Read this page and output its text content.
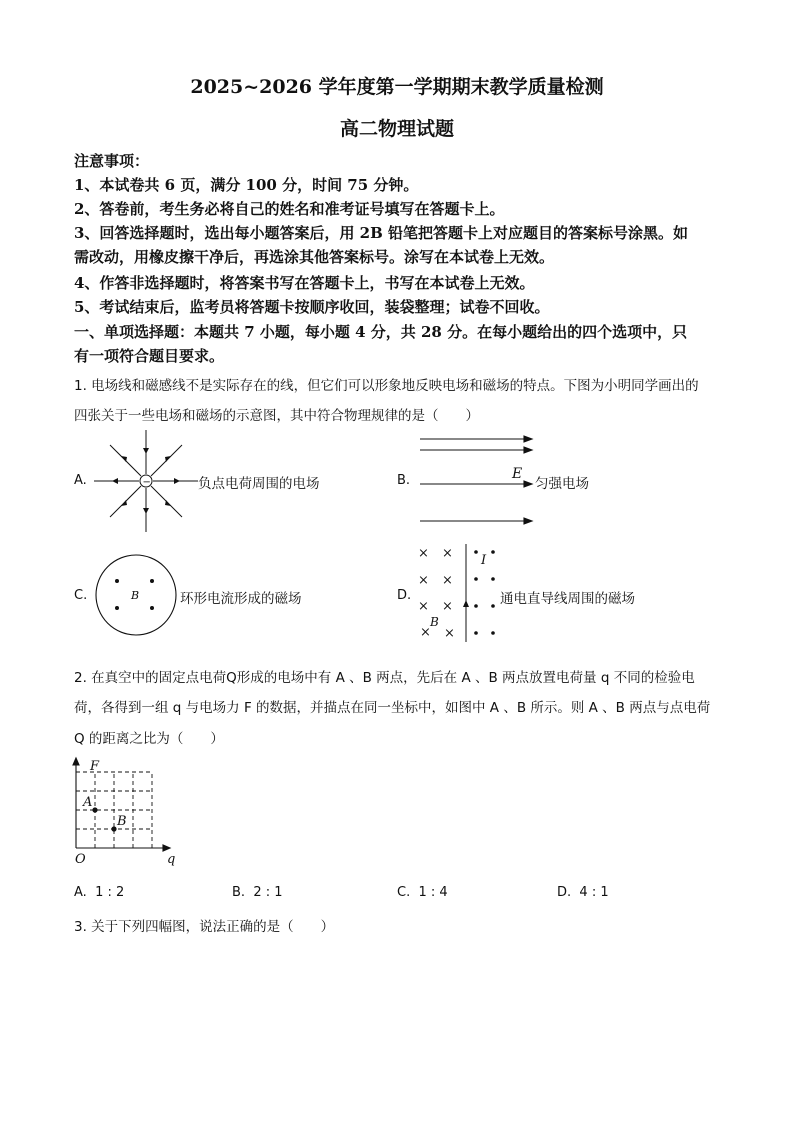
2025~2026 学年度第一学期期末教学质量检测
高二物理试题
注意事项：
1、本试卷共 6 页，满分 100 分，时间 75 分钟。
2、答卷前，考生务必将自己的姓名和准考证号填写在答题卡上。
3、回答选择题时，选出每小题答案后，用 2B 铅笔把答题卡上对应题目的答案标号涂黑。如
需改动，用橡皮擦干净后，再选涂其他答案标号。涂写在本试卷上无效。
4、作答非选择题时，将答案书写在答题卡上，书写在本试卷上无效。
5、考试结束后，监考员将答题卡按顺序收回，装袋整理；试卷不回收。
一、单项选择题：本题共 7 小题，每小题 4 分，共 28 分。在每小题给出的四个选项中，只
有一项符合题目要求。
1. 电场线和磁感线不是实际存在的线，但它们可以形象地反映电场和磁场的特点。下图为小明同学画出的
四张关于一些电场和磁场的示意图，其中符合物理规律的是（　　）
A.	−	负点电荷周围的电场	B.	E
匀强电场
C.	B	环形电流形成的磁场	D.
× ×
× ×
× ×
× ×
I
B
通电直导线周围的磁场
2. 在真空中的固定点电荷Q形成的电场中有 A 、B 两点，先后在 A 、B 两点放置电荷量 q 不同的检验电
荷，各得到一组 q 与电场力 F 的数据，并描点在同一坐标中，如图中 A 、B 所示。则 A 、B 两点与点电荷
Q 的距离之比为（　　）
A
B
F
q
O
A. 1 : 2	B. 2 : 1	C. 1 : 4	D. 4 : 1
3. 关于下列四幅图，说法正确的是（　　）
